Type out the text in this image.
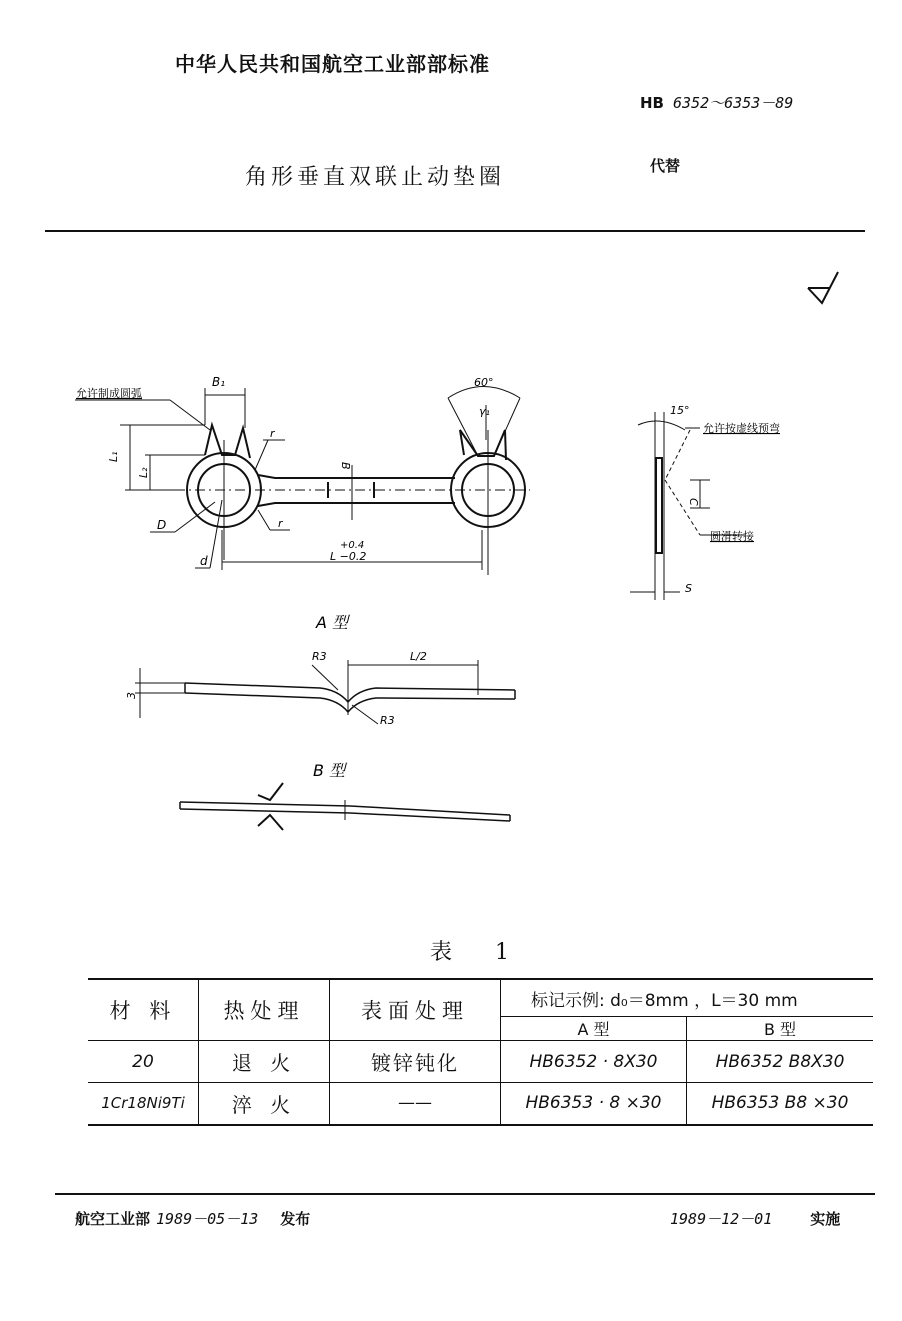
中华人民共和国航空工业部部标准
HB 6352～6353－89
角形垂直双联止动垫圈	代替
B₁
允许制成圆弧
60°
γ₁
r
L₁
L₂
B
D
d
r
+0.4
L −0.2
15°
允许按虚线预弯
C
圆滑转接
S
A 型
R3	L/2
3
R3
B 型
表 1
材 料	热处理	表面处理	标记示例: d₀＝8mm ，L＝30 mm	
			A 型	B 型
20	退 火	镀锌钝化	HB6352 · 8X30	HB6352 B8X30
1Cr18Ni9Ti	淬 火	——	HB6353 · 8 ×30	HB6353 B8 ×30
航空工业部 1989－05－13 发布	1989－12－01	实施
